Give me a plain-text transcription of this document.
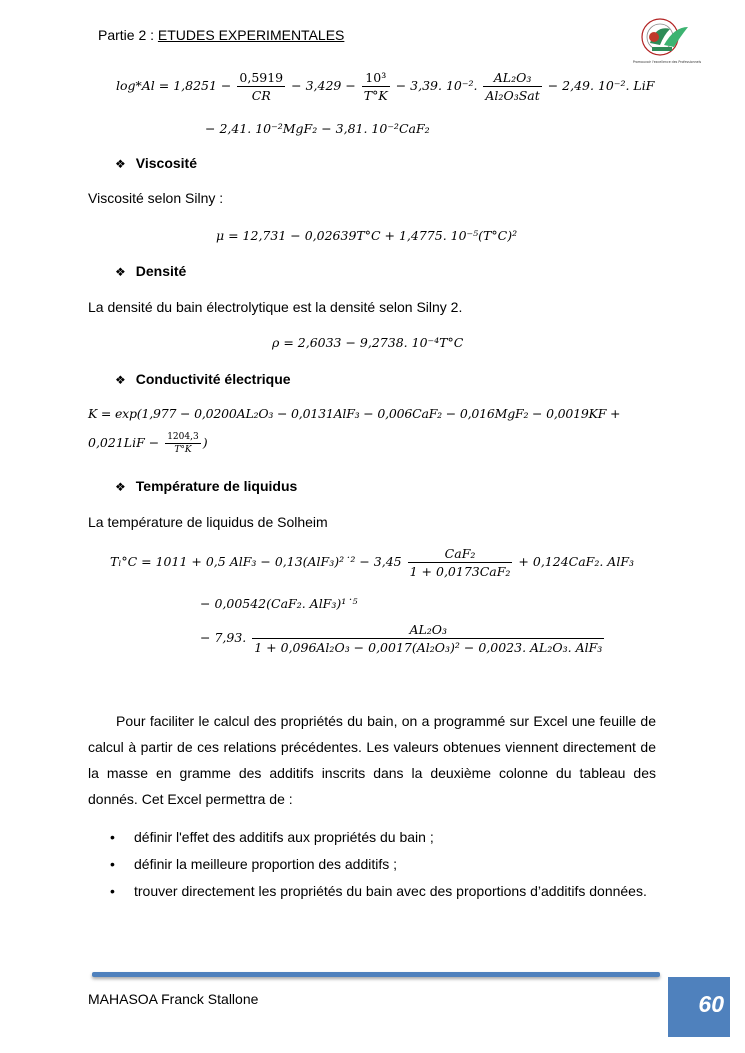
Partie 2 : ETUDES EXPERIMENTALES
Promouvoir l'excellence des Professionnels
$\log*Al = 1,8251 - \frac{0,5919}{CR} - 3,429 - \frac{\text{10³}}{T^\circ K} - 3,39$. 10⁻². $\frac{\text{AL₂O₃}}{\text{Al₂O₃Sat}} - 2,49$. 10⁻². LiF
− 2,41. 10⁻²MgF₂ − 3,81. 10⁻²CaF₂
❖ Viscosité
Viscosité selon Silny :
μ = 12,731 − 0,02639T°C + 1,4775. 10⁻⁵(T°C)²
❖ Densité
La densité du bain électrolytique est la densité selon Silny 2.
ρ = 2,6033 − 9,2738. 10⁻⁴T°C
❖ Conductivité électrique
K = exp(1,977 − 0,0200AL₂O₃ − 0,0131AlF₃ − 0,006CaF₂ − 0,016MgF₂ − 0,0019KF +
$0,021LiF - \frac{1204,3}{T^\circ K}$ )
❖ Température de liquidus
La température de liquidus de Solheim
Tₗ°C = 1011 + 0,5 AlF₃ − 0,13(AlF₃)²˙² − $3,45 \frac{\text{CaF₂}}{\text{1 + 0,0173CaF₂}} + 0,124CaF_2$. AlF₃
− 0,00542(CaF₂. AlF₃)¹˙⁵
− 7,93. $\frac{\text{AL₂O₃}}{\text{1 + 0,096Al₂O₃ − 0,0017(Al₂O₃)² − 0,0023. AL₂O₃. AlF₃}}$

Pour faciliter le calcul des propriétés du bain, on a programmé sur Excel une feuille de calcul à partir de ces relations précédentes. Les valeurs obtenues viennent directement de la masse en gramme des additifs inscrits dans la deuxième colonne du tableau des donnés. Cet Excel permettra de :

• définir l'effet des additifs aux propriétés du bain ;
• définir la meilleure proportion des additifs ;
• trouver directement les propriétés du bain avec des proportions d’additifs données.
MAHASOA Franck Stallone	60
